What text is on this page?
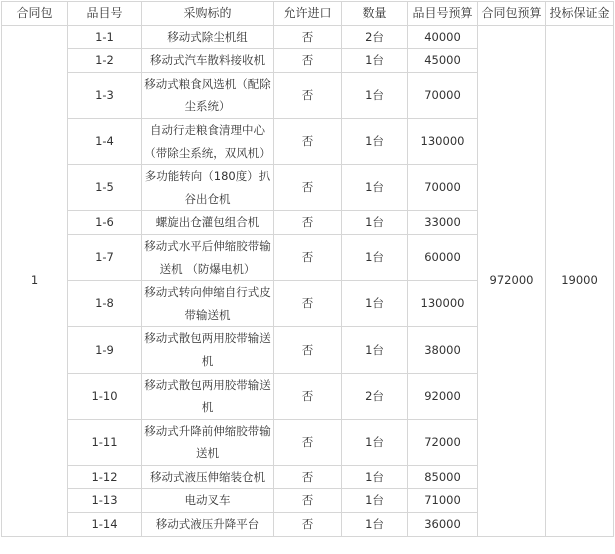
合同包	品目号	采购标的	允许进口	数量	品目号预算	合同包预算	投标保证金
1	1-1	移动式除尘机组	否	2台	40000	972000	19000
	1-2	移动式汽车散料接收机	否	1台	45000		
	1-3	移动式粮食风选机（配除尘系统）	否	1台	70000		
	1-4	自动行走粮食清理中心（带除尘系统，双风机）	否	1台	130000		
	1-5	多功能转向（180度）扒谷出仓机	否	1台	70000		
	1-6	螺旋出仓灌包组合机	否	1台	33000		
	1-7	移动式水平后伸缩胶带输送机 （防爆电机）	否	1台	60000		
	1-8	移动式转向伸缩自行式皮带输送机	否	1台	130000		
	1-9	移动式散包两用胶带输送机	否	1台	38000		
	1-10	移动式散包两用胶带输送机	否	2台	92000		
	1-11	移动式升降前伸缩胶带输送机	否	1台	72000		
	1-12	移动式液压伸缩装仓机	否	1台	85000		
	1-13	电动叉车	否	1台	71000		
	1-14	移动式液压升降平台	否	1台	36000		
